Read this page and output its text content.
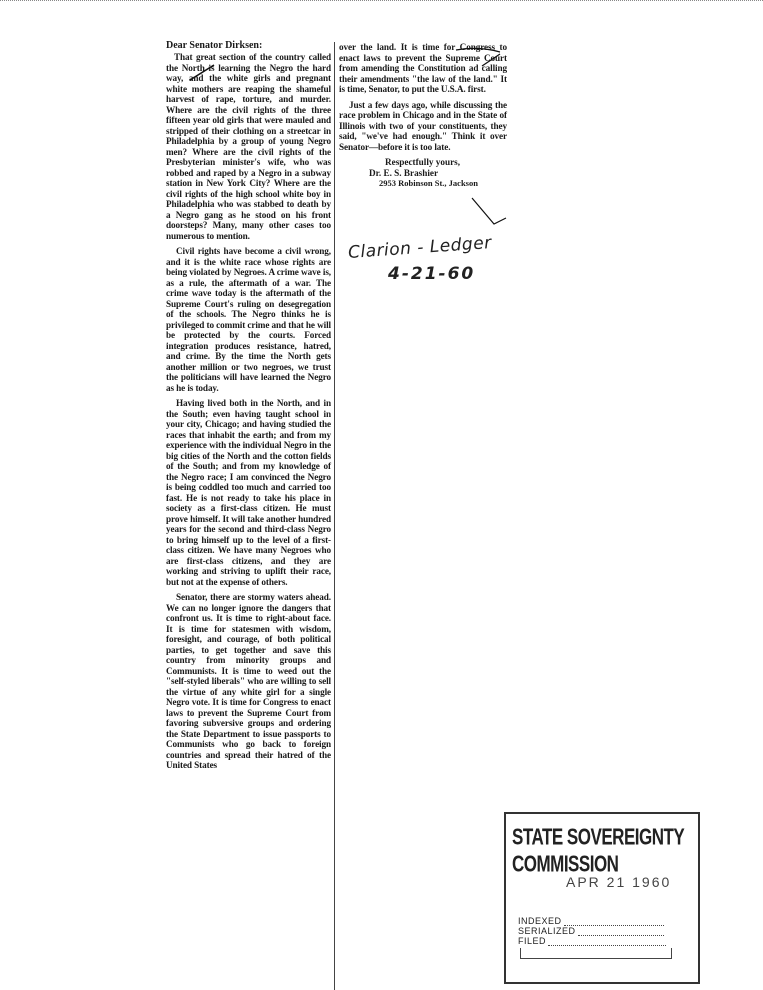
Dear Senator Dirksen:

That great section of the country called the North is learning the Negro the hard way, and the white girls and pregnant white mothers are reaping the shameful harvest of rape, torture, and murder. Where are the civil rights of the three fifteen year old girls that were mauled and stripped of their clothing on a streetcar in Philadelphia by a group of young Negro men? Where are the civil rights of the Presbyterian minister's wife, who was robbed and raped by a Negro in a subway station in New York City? Where are the civil rights of the high school white boy in Philadelphia who was stabbed to death by a Negro gang as he stood on his front doorsteps? Many, many other cases too numerous to mention.

Civil rights have become a civil wrong, and it is the white race whose rights are being violated by Negroes. A crime wave is, as a rule, the aftermath of a war. The crime wave today is the aftermath of the Supreme Court's ruling on desegregation of the schools. The Negro thinks he is privileged to commit crime and that he will be protected by the courts. Forced integration produces resistance, hatred, and crime. By the time the North gets another million or two negroes, we trust the politicians will have learned the Negro as he is today.

Having lived both in the North, and in the South; even having taught school in your city, Chicago; and having studied the races that inhabit the earth; and from my experience with the individual Negro in the big cities of the North and the cotton fields of the South; and from my knowledge of the Negro race; I am convinced the Negro is being coddled too much and carried too fast. He is not ready to take his place in society as a first-class citizen. He must prove himself. It will take another hundred years for the second and third-class Negro to bring himself up to the level of a first-class citizen. We have many Negroes who are first-class citizens, and they are working and striving to uplift their race, but not at the expense of others.

Senator, there are stormy waters ahead. We can no longer ignore the dangers that confront us. It is time to right-about face. It is time for statesmen with wisdom, foresight, and courage, of both political parties, to get together and save this country from minority groups and Communists. It is time to weed out the "self-styled liberals" who are willing to sell the virtue of any white girl for a single Negro vote. It is time for Congress to enact laws to prevent the Supreme Court from favoring subversive groups and ordering the State Department to issue passports to Communists who go back to foreign countries and spread their hatred of the United States

over the land. It is time for Congress to enact laws to prevent the Supreme Court from amending the Constitution ad calling their amendments "the law of the land." It is time, Senator, to put the U.S.A. first.

Just a few days ago, while discussing the race problem in Chicago and in the State of Illinois with two of your constituents, they said, "we've had enough." Think it over Senator—before it is too late.

Respectfully yours,

Dr. E. S. Brashier

2953 Robinson St., Jackson

Clarion - Ledger
4-21-60
STATE SOVEREIGNTY COMMISSION
APR 21 1960
INDEXED
SERIALIZED
FILED
